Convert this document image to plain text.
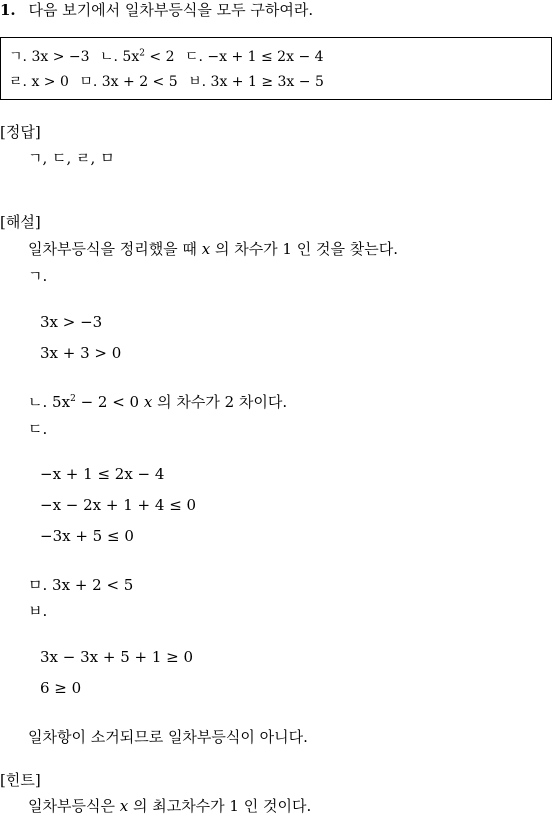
1. 다음 보기에서 일차부등식을 모두 구하여라.
ㄱ. 3x > −3 ㄴ. $5x^2 < 2$ ㄷ. −x + 1 ≤ 2x − 4
ㄹ. x > 0 ㅁ. 3x + 2 < 5 ㅂ. 3x + 1 ≥ 3x − 5
[정답]
ㄱ, ㄷ, ㄹ, ㅁ
[해설]
일차부등식을 정리했을 때 x 의 차수가 1 인 것을 찾는다.
ㄱ.
3x > −3
3x + 3 > 0
ㄴ. $5x^2 - 2 < 0$ x 의 차수가 2 차이다.
ㄷ.
−x + 1 ≤ 2x − 4
−x − 2x + 1 + 4 ≤ 0
−3x + 5 ≤ 0
ㅁ. 3x + 2 < 5
ㅂ.
3x − 3x + 5 + 1 ≥ 0
6 ≥ 0
일차항이 소거되므로 일차부등식이 아니다.
[힌트]
일차부등식은 x 의 최고차수가 1 인 것이다.
